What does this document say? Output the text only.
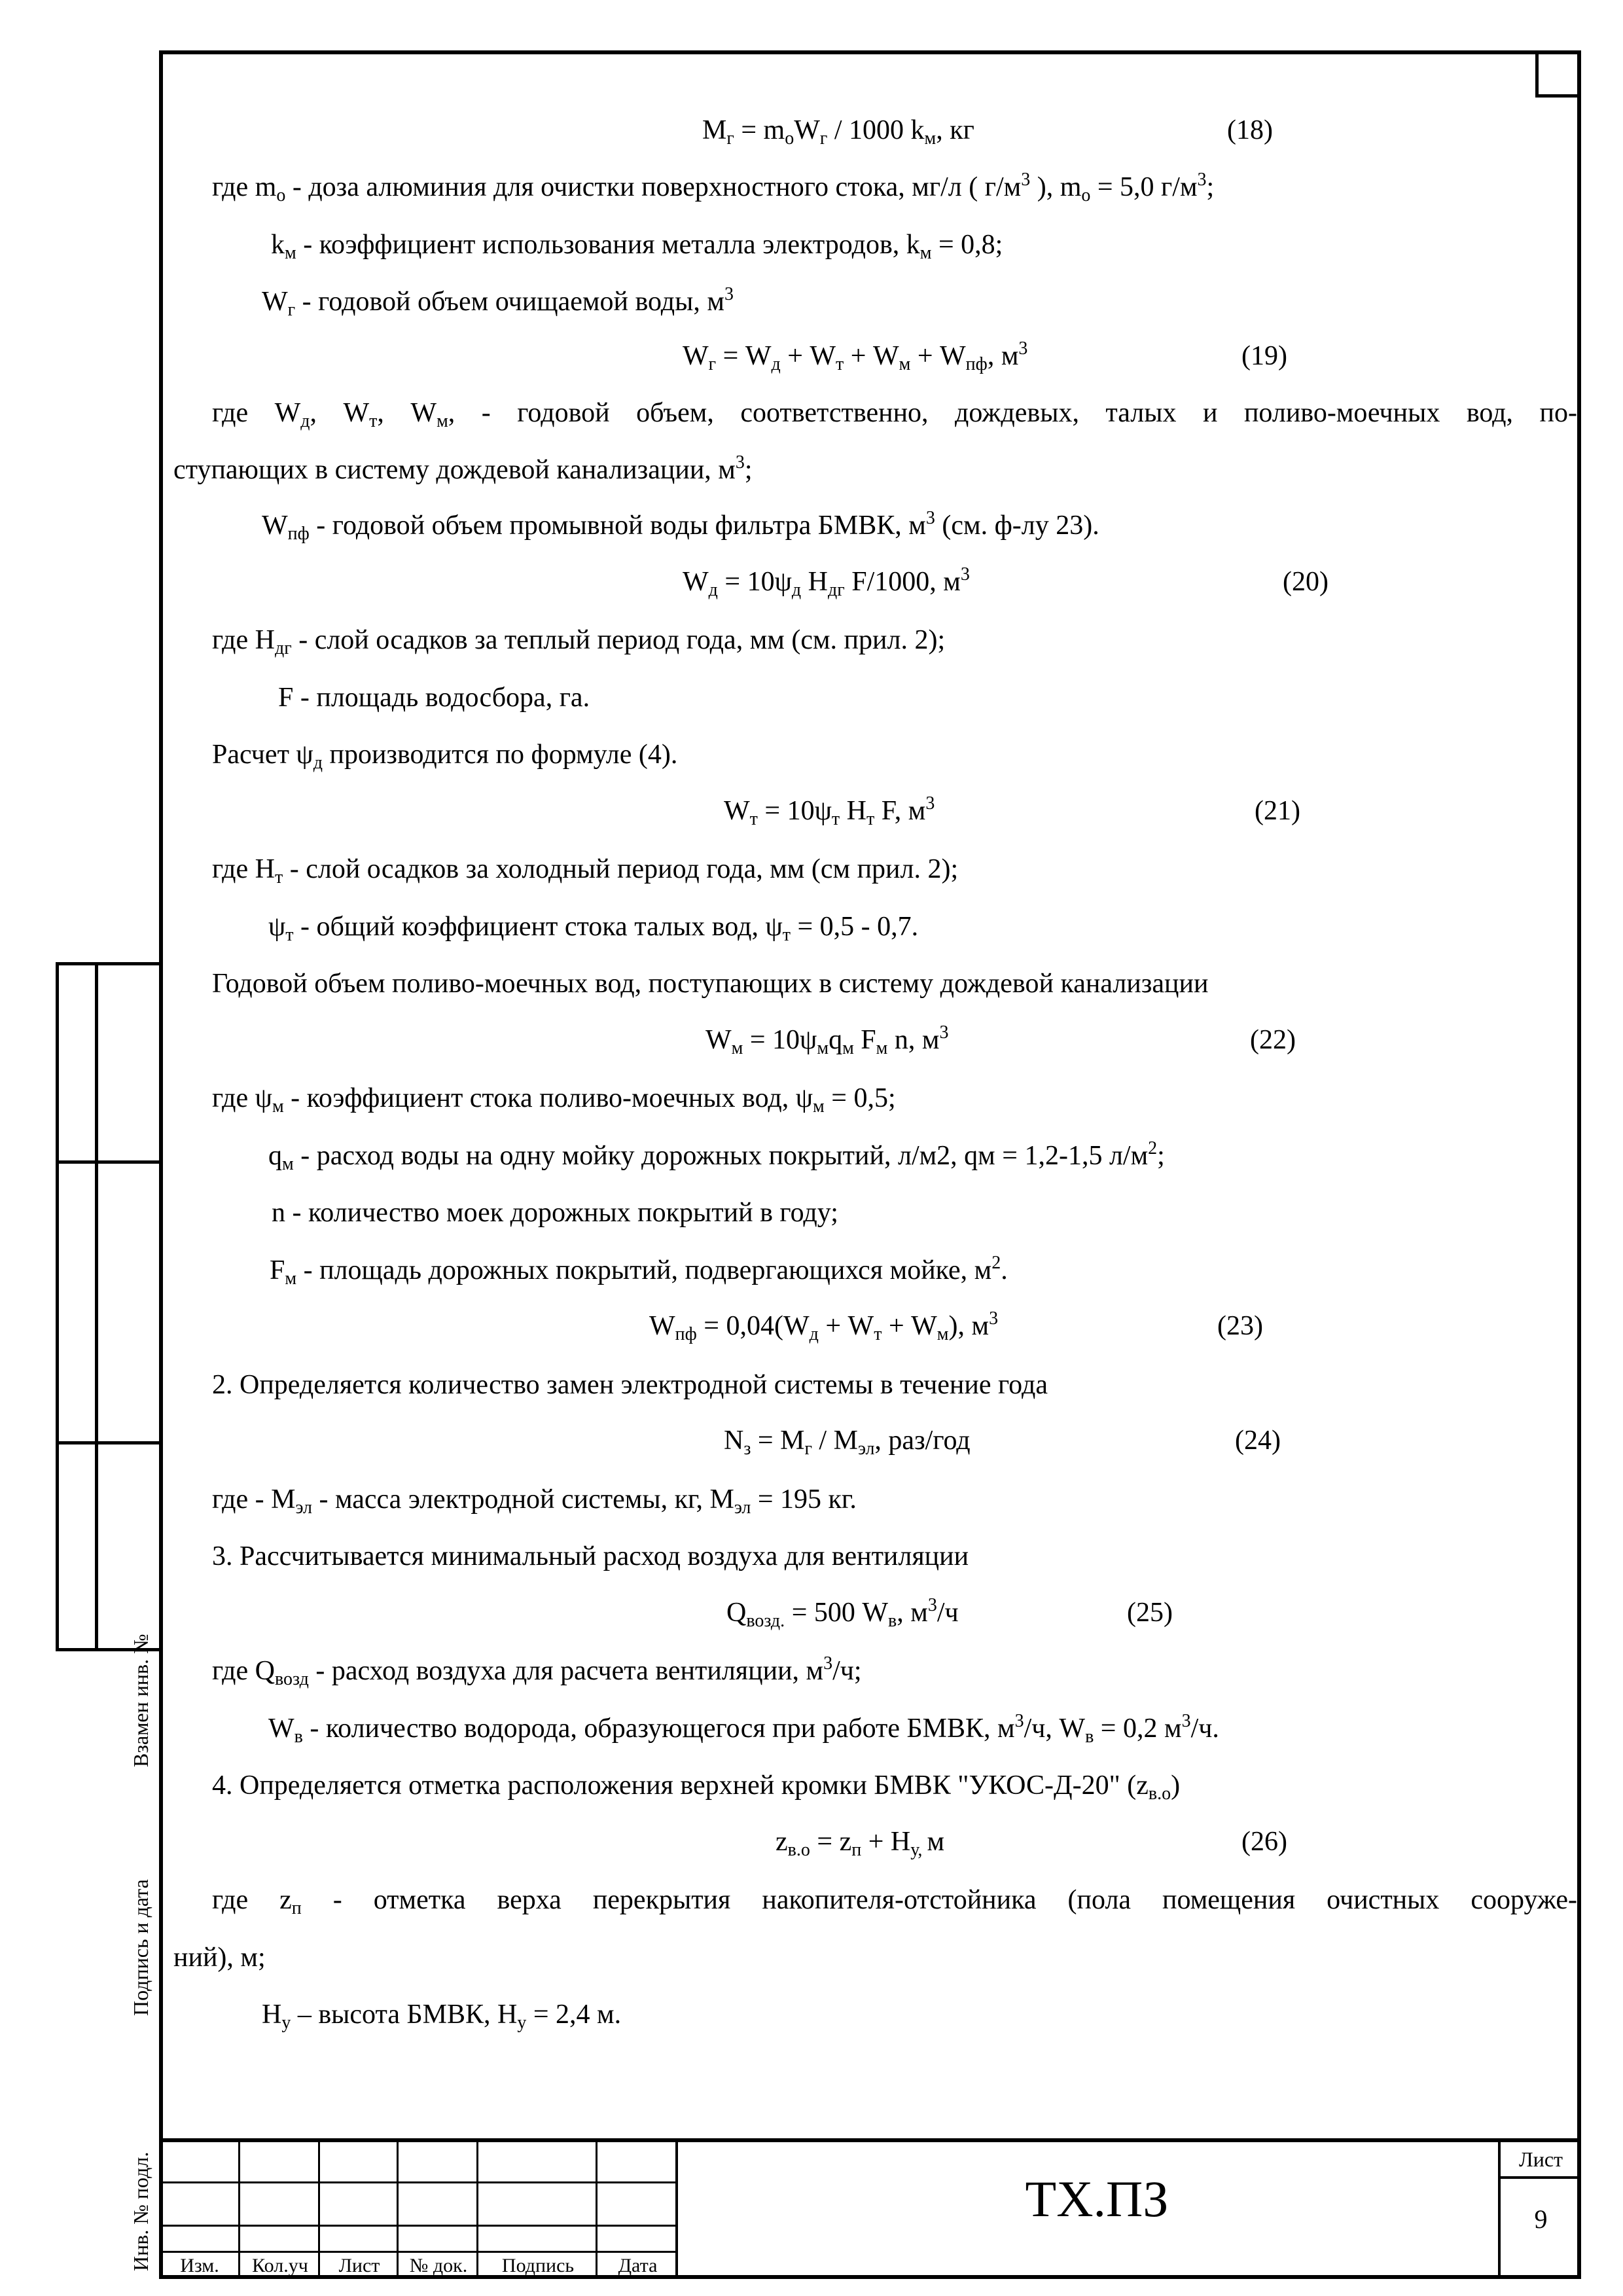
$M_г = m_oW_г / 1000$ $k_м$, кг	(18)
где $m_o$ - доза алюминия для очистки поверхностного стока, мг/л ( $г/м^3$ ), $m_o = 5,0$ $г/м^3$;
$k_м$ - коэффициент использования металла электродов, $k_м = 0,8$;
$W_г$ - годовой объем очищаемой воды, $м^3$
$W_г = W_д + W_т + W_м + W_{пф}$, $м^3$	(19)
где $W_д$, $W_т$, $W_м$, - годовой объем, соответственно, дождевых, талых и поливо-моечных вод, по-
ступающих в систему дождевой канализации, $м^3$;
$W_{пф}$ - годовой объем промывной воды фильтра БМВК, $м^3$ (см. ф-лу 23).
$W_д = 10\psi_д$ $H_{дг}$ F/1000, $м^3$	(20)
где $H_{дг}$ - слой осадков за теплый период года, мм (см. прил. 2);
F - площадь водосбора, га.
Расчет $\psi_д$ производится по формуле (4).
$W_т = 10\psi_т$ $H_т$ F, $м^3$	(21)
где $H_т$ - слой осадков за холодный период года, мм (см прил. 2);
$\psi_т$ - общий коэффициент стока талых вод, $\psi_т = 0,5 - 0,7$.
Годовой объем поливо-моечных вод, поступающих в систему дождевой канализации
$W_м = 10\psi_мq_м$ $F_м$ n, $м^3$	(22)
где $\psi_м$ - коэффициент стока поливо-моечных вод, $\psi_м = 0,5$;
$q_м$ - расход воды на одну мойку дорожных покрытий, л/м2, qм = 1,2-1,5 $л/м^2$;
n - количество моек дорожных покрытий в году;
$F_м$ - площадь дорожных покрытий, подвергающихся мойке, $м^2$.
$W_{пф} = 0,04(W_д + W_т + W_м)$, $м^3$	(23)
2. Определяется количество замен электродной системы в течение года
$N_з = M_г / M_{эл}$, раз/год	(24)
где - $M_{эл}$ - масса электродной системы, кг, $M_{эл} = 195$ кг.
3. Рассчитывается минимальный расход воздуха для вентиляции
$Q_{возд.} = 500$ $W_в$, $м^3/ч$	(25)
где $Q_{возд}$ - расход воздуха для расчета вентиляции, $м^3/ч$;
$W_в$ - количество водорода, образующегося при работе БМВК, $м^3/ч$, $W_в = 0,2$ $м^3/ч$.
4. Определяется отметка расположения верхней кромки БМВК "УКОС-Д-20" $(z_{в.о})$
$z_{в.о} = z_п + H_{у,}$ м	(26)
где $z_п$ - отметка верха перекрытия накопителя-отстойника (пола помещения очистных сооруже-
ний), м;
$H_у$ – высота БМВК, $H_у = 2,4$ м.
Взамен инв. №
Подпись и дата
Инв. № подл.	Изм.	Кол.уч	Лист	№ док.	Подпись	Дата
ТХ.ПЗ
Лист
9
